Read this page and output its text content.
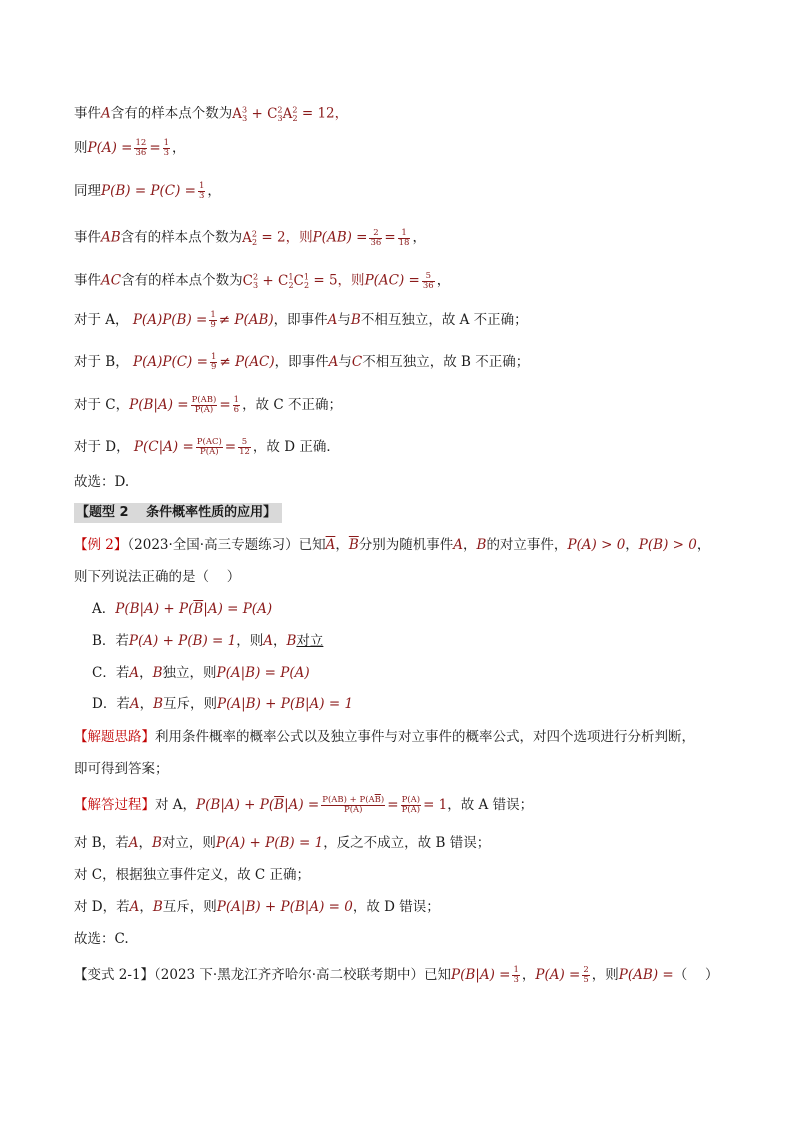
事件A含有的样本点个数为$A^3_3 + C^2_3A^2_2 = 12$，
则$P(A) = \frac{12}{36} = \frac{1}{3}$ ，
同理$P(B) = P(C) = \frac{1}{3}$ ，
事件AB含有的样本点个数为$A^2_2 = 2$，则$P(AB) = \frac{2}{36} = \frac{1}{18}$ ，
事件AC含有的样本点个数为$C^2_3 + C^1_2C^1_2 = 5$，则$P(AC) = \frac{5}{36}$ ，
对于 A， $P(A)P(B) = \frac{1}{9} \ne P(AB)$，即事件A与B不相互独立，故 A 不正确；
对于 B， $P(A)P(C) = \frac{1}{9} \ne P(AC)$，即事件A与C不相互独立，故 B 不正确；
对于 C，$P(B|A) = \frac{P(AB)}{P(A)} = \frac{1}{6}$ ，故 C 不正确；
对于 D， $P(C|A) = \frac{P(AC)}{P(A)} = \frac{5}{12}$ ，故 D 正确．
故选：D.
【题型 2　 条件概率性质的应用】
【例 2】（2023·全国·高三专题练习）已知$\overline{A}$，$\overline{B}$分别为随机事件A，B的对立事件，P(A) > 0，P(B) > 0，
则下列说法正确的是（　 ）
A．$P(B|A) + P(\overline{B}|A) = P(A)$
B．若P(A) + P(B) = 1，则A，B对立
C．若A，B独立，则P(A|B) = P(A)
D．若A，B互斥，则P(A|B) + P(B|A) = 1
【解题思路】利用条件概率的概率公式以及独立事件与对立事件的概率公式，对四个选项进行分析判断，
即可得到答案；
【解答过程】对 A，$P(B|A) + P(\overline{B}|A) = \frac{P(AB) + P(A\overline{B})}{P(A)} = \frac{P(A)}{P(A)} = 1$，故 A 错误；
对 B，若A，B对立，则P(A) + P(B) = 1，反之不成立，故 B 错误；
对 C，根据独立事件定义，故 C 正确；
对 D，若A，B互斥，则P(A|B) + P(B|A) = 0，故 D 错误；
故选：C.
【变式 2-1】（2023 下·黑龙江齐齐哈尔·高二校联考期中）已知$P(B|A) = \frac{1}{3}$ ，$P(A) = \frac{2}{5}$ ，则P(AB) =（　 ）
